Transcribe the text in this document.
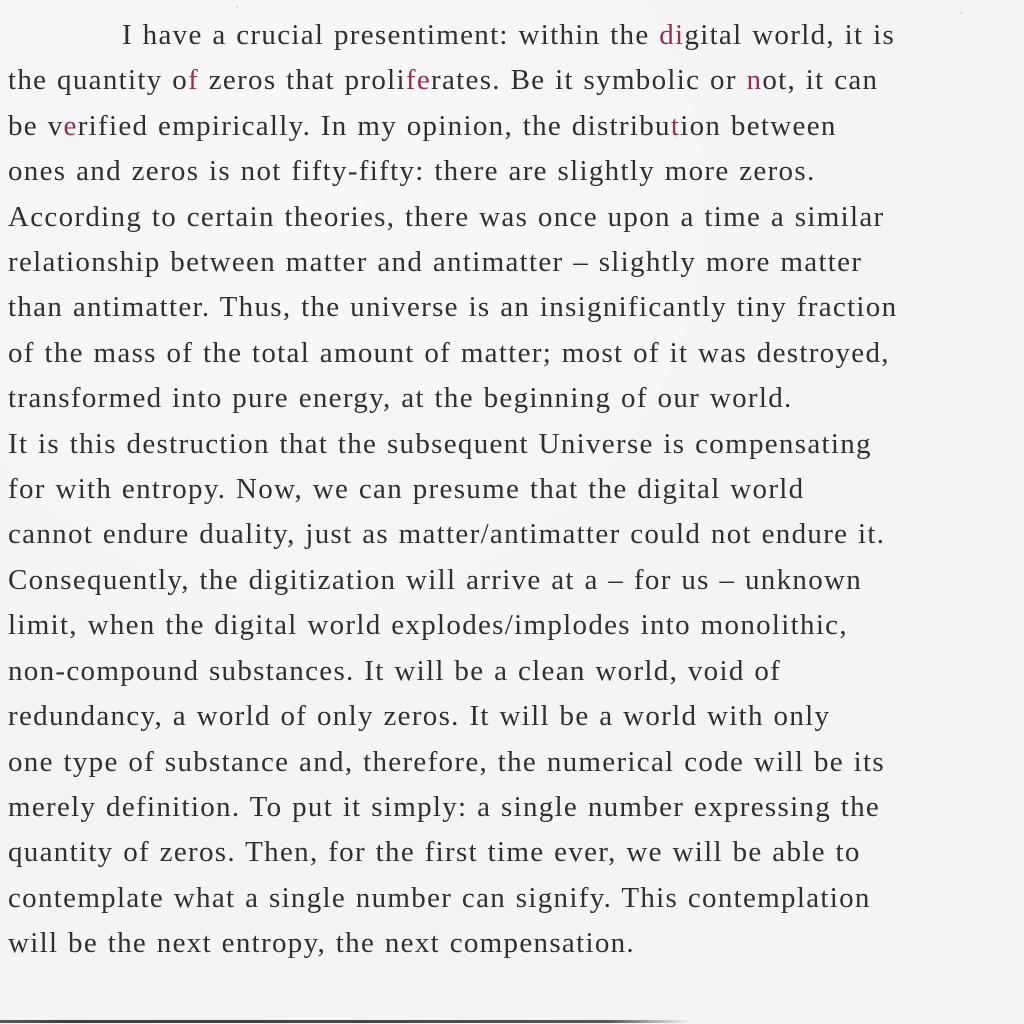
I have a crucial presentiment: within the digital world, it is
the quantity of zeros that proliferates. Be it symbolic or not, it can
be verified empirically. In my opinion, the distribution between
ones and zeros is not fifty-fifty: there are slightly more zeros.
According to certain theories, there was once upon a time a similar
relationship between matter and antimatter – slightly more matter
than antimatter. Thus, the universe is an insignificantly tiny fraction
of the mass of the total amount of matter; most of it was destroyed,
transformed into pure energy, at the beginning of our world.
It is this destruction that the subsequent Universe is compensating
for with entropy. Now, we can presume that the digital world
cannot endure duality, just as matter/antimatter could not endure it.
Consequently, the digitization will arrive at a – for us – unknown
limit, when the digital world explodes/implodes into monolithic,
non-compound substances. It will be a clean world, void of
redundancy, a world of only zeros. It will be a world with only
one type of substance and, therefore, the numerical code will be its
merely definition. To put it simply: a single number expressing the
quantity of zeros. Then, for the first time ever, we will be able to
contemplate what a single number can signify. This contemplation
will be the next entropy, the next compensation.
